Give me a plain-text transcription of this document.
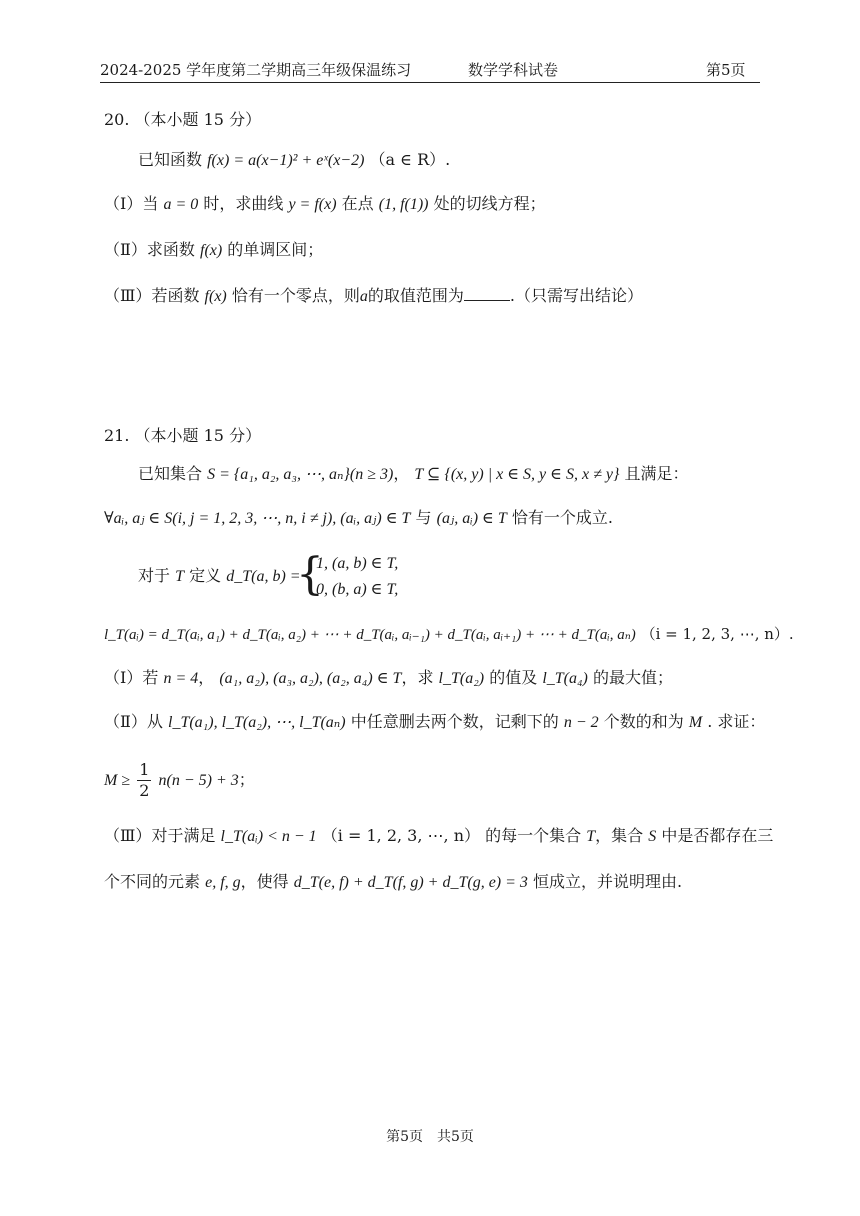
2024-2025 学年度第二学期高三年级保温练习	数学学科试卷	第5页
20. （本小题 15 分）
已知函数 f(x) = a(x−1)² + eˣ(x−2) （a ∈ R）.
（Ⅰ）当 a = 0 时，求曲线 y = f(x) 在点 (1, f(1)) 处的切线方程；
（Ⅱ）求函数 f(x) 的单调区间；
（Ⅲ）若函数 f(x) 恰有一个零点，则a的取值范围为	.（只需写出结论）
21. （本小题 15 分）
已知集合 S = {a₁, a₂, a₃, ⋯, aₙ}(n ≥ 3)， T ⊆ {(x, y) | x ∈ S, y ∈ S, x ≠ y} 且满足：
∀aᵢ, aⱼ ∈ S(i, j = 1, 2, 3, ⋯, n, i ≠ j), (aᵢ, aⱼ) ∈ T 与 (aⱼ, aᵢ) ∈ T 恰有一个成立.
对于 T 定义 d_T(a, b) =
{
1, (a, b) ∈ T,
0, (b, a) ∈ T,
l_T(aᵢ) = d_T(aᵢ, a₁) + d_T(aᵢ, a₂) + ⋯ + d_T(aᵢ, aᵢ₋₁) + d_T(aᵢ, aᵢ₊₁) + ⋯ + d_T(aᵢ, aₙ) （i = 1, 2, 3, ⋯, n）.
（Ⅰ）若 n = 4， (a₁, a₂), (a₃, a₂), (a₂, a₄) ∈ T，求 l_T(a₂) 的值及 l_T(a₄) 的最大值；
（Ⅱ）从 l_T(a₁), l_T(a₂), ⋯, l_T(aₙ) 中任意删去两个数，记剩下的 n − 2 个数的和为 M . 求证：
$M \ge \frac{1}{2} n(n - 5) + 3$；
（Ⅲ）对于满足 l_T(aᵢ) < n − 1 （i = 1, 2, 3, ⋯, n） 的每一个集合 T，集合 S 中是否都存在三
个不同的元素 e, f, g，使得 d_T(e, f) + d_T(f, g) + d_T(g, e) = 3 恒成立，并说明理由.
第5页　共5页
